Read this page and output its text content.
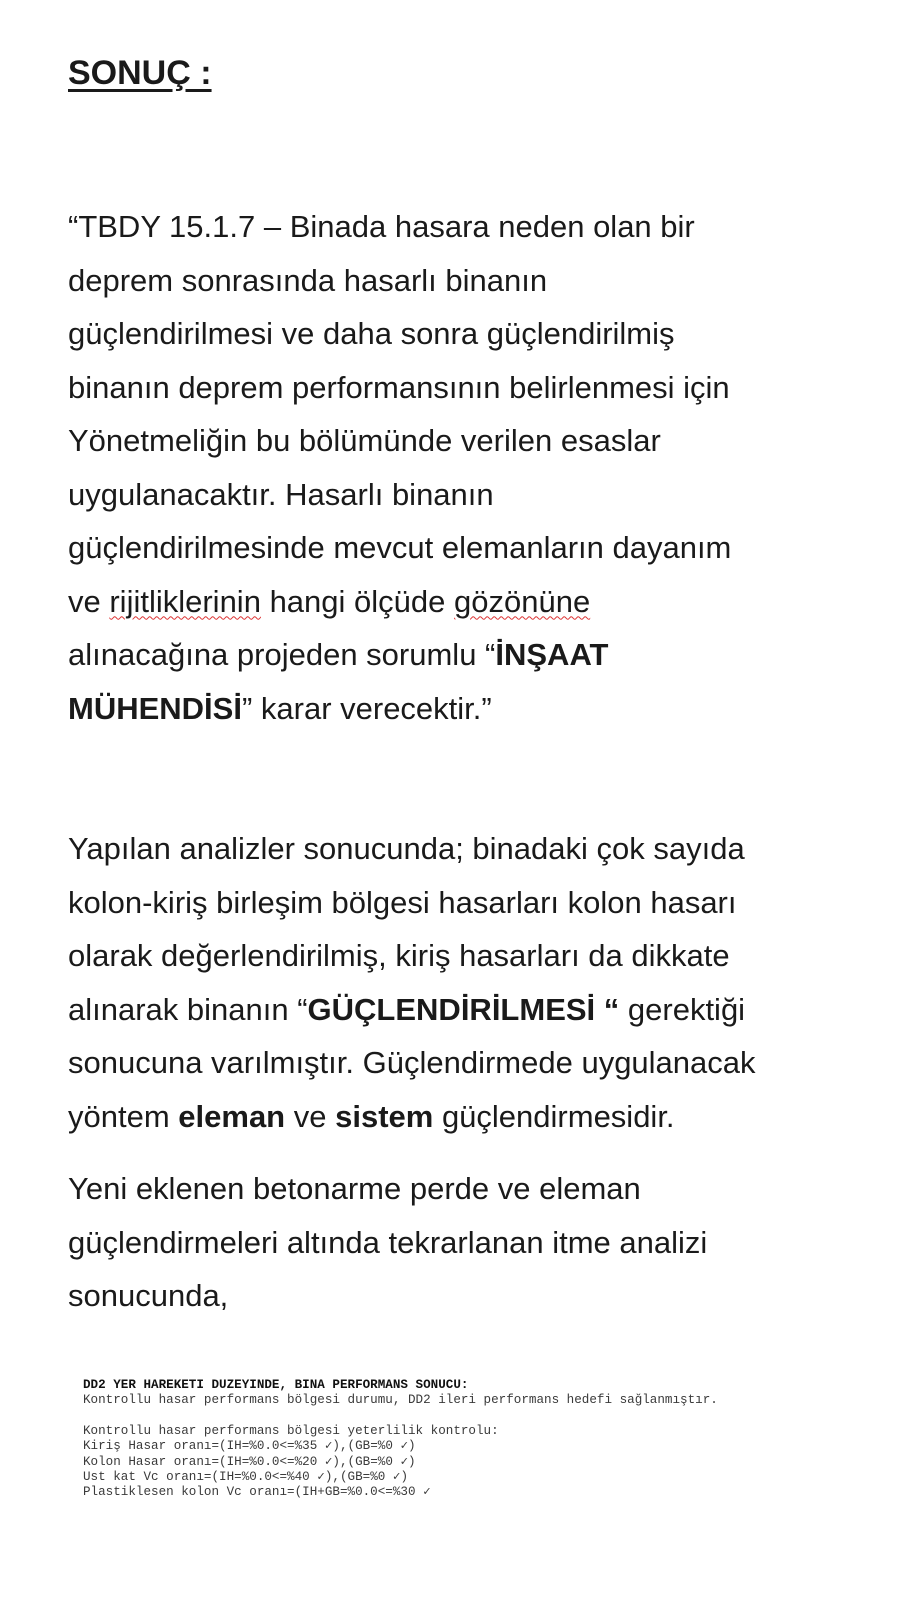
SONUÇ :
“TBDY 15.1.7 – Binada hasara neden olan bir
deprem sonrasında hasarlı binanın
güçlendirilmesi ve daha sonra güçlendirilmiş
binanın deprem performansının belirlenmesi için
Yönetmeliğin bu bölümünde verilen esaslar
uygulanacaktır. Hasarlı binanın
güçlendirilmesinde mevcut elemanların dayanım
ve rijitliklerinin hangi ölçüde gözönüne
alınacağına projeden sorumlu “İNŞAAT
MÜHENDİSİ” karar verecektir.”
Yapılan analizler sonucunda; binadaki çok sayıda
kolon-kiriş birleşim bölgesi hasarları kolon hasarı
olarak değerlendirilmiş, kiriş hasarları da dikkate
alınarak binanın “GÜÇLENDİRİLMESİ “ gerektiği
sonucuna varılmıştır. Güçlendirmede uygulanacak
yöntem eleman ve sistem güçlendirmesidir.
Yeni eklenen betonarme perde ve eleman
güçlendirmeleri altında tekrarlanan itme analizi
sonucunda,
DD2 YER HAREKETI DUZEYINDE, BINA PERFORMANS SONUCU:
Kontrollu hasar performans bölgesi durumu, DD2 ileri performans hedefi sağlanmıştır.
Kontrollu hasar performans bölgesi yeterlilik kontrolu:
Kiriş Hasar oranı=(IH=%0.0<=%35 ✓),(GB=%0 ✓)
Kolon Hasar oranı=(IH=%0.0<=%20 ✓),(GB=%0 ✓)
Ust kat Vc oranı=(IH=%0.0<=%40 ✓),(GB=%0 ✓)
Plastiklesen kolon Vc oranı=(IH+GB=%0.0<=%30 ✓
